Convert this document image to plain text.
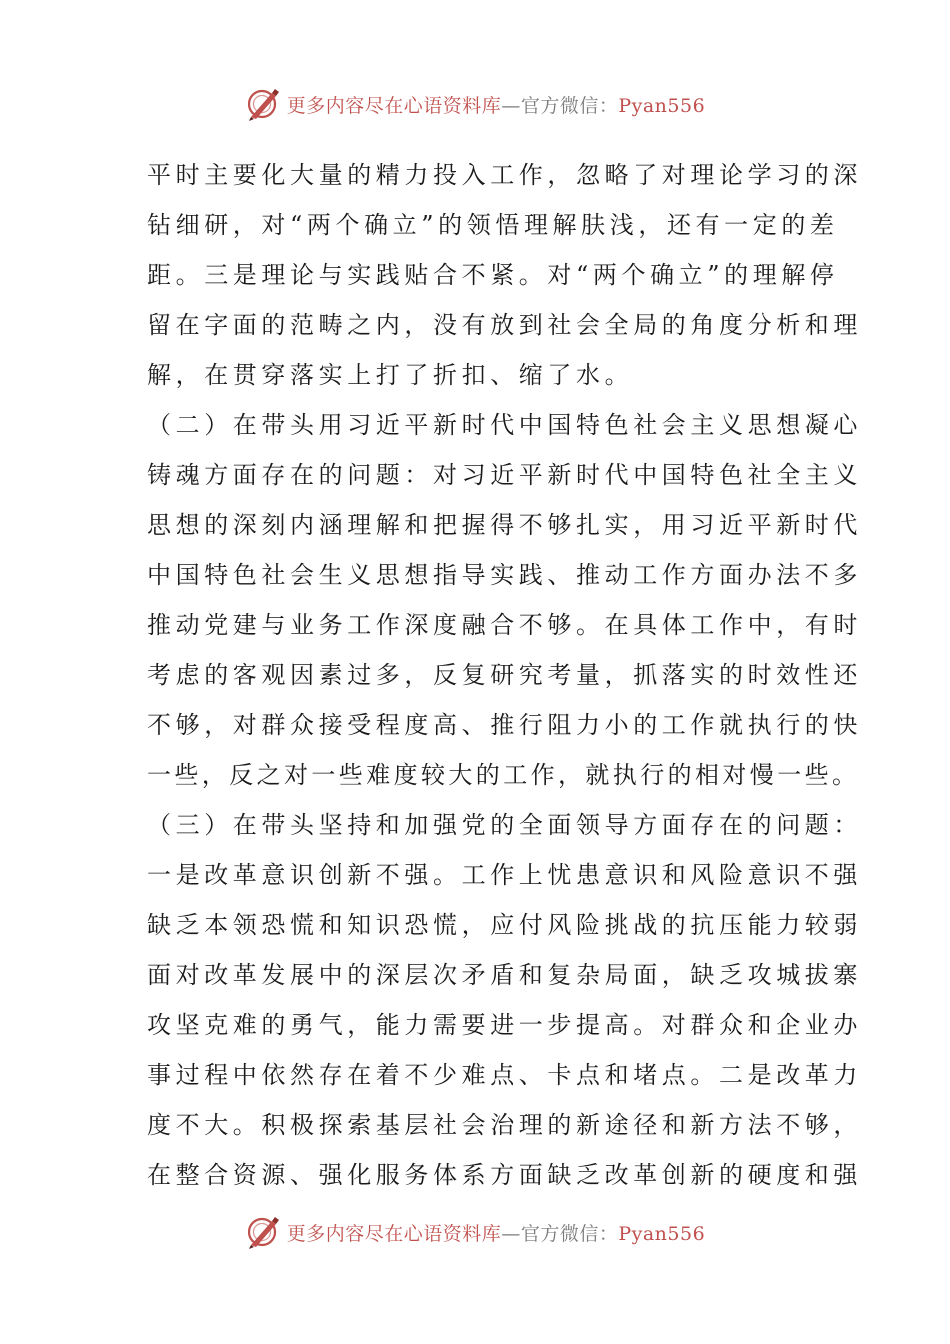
更多内容尽在心语资料库—官方微信：Pyan556
平时主要化大量的精力投入工作，忽略了对理论学习的深
钻细研，对“两个确立”的领悟理解肤浅，还有一定的差
距。三是理论与实践贴合不紧。对“两个确立”的理解停
留在字面的范畴之内，没有放到社会全局的角度分析和理
解，在贯穿落实上打了折扣、缩了水。
（二）在带头用习近平新时代中国特色社会主义思想凝心
铸魂方面存在的问题：对习近平新时代中国特色社全主义
思想的深刻内涵理解和把握得不够扎实，用习近平新时代
中国特色社会生义思想指导实践、推动工作方面办法不多
推动党建与业务工作深度融合不够。在具体工作中，有时
考虑的客观因素过多，反复研究考量，抓落实的时效性还
不够，对群众接受程度高、推行阻力小的工作就执行的快
一些，反之对一些难度较大的工作，就执行的相对慢一些。
（三）在带头坚持和加强党的全面领导方面存在的问题：
一是改革意识创新不强。工作上忧患意识和风险意识不强
缺乏本领恐慌和知识恐慌，应付风险挑战的抗压能力较弱
面对改革发展中的深层次矛盾和复杂局面，缺乏攻城拔寨
攻坚克难的勇气，能力需要进一步提高。对群众和企业办
事过程中依然存在着不少难点、卡点和堵点。二是改革力
度不大。积极探索基层社会治理的新途径和新方法不够，
在整合资源、强化服务体系方面缺乏改革创新的硬度和强
更多内容尽在心语资料库—官方微信：Pyan556
